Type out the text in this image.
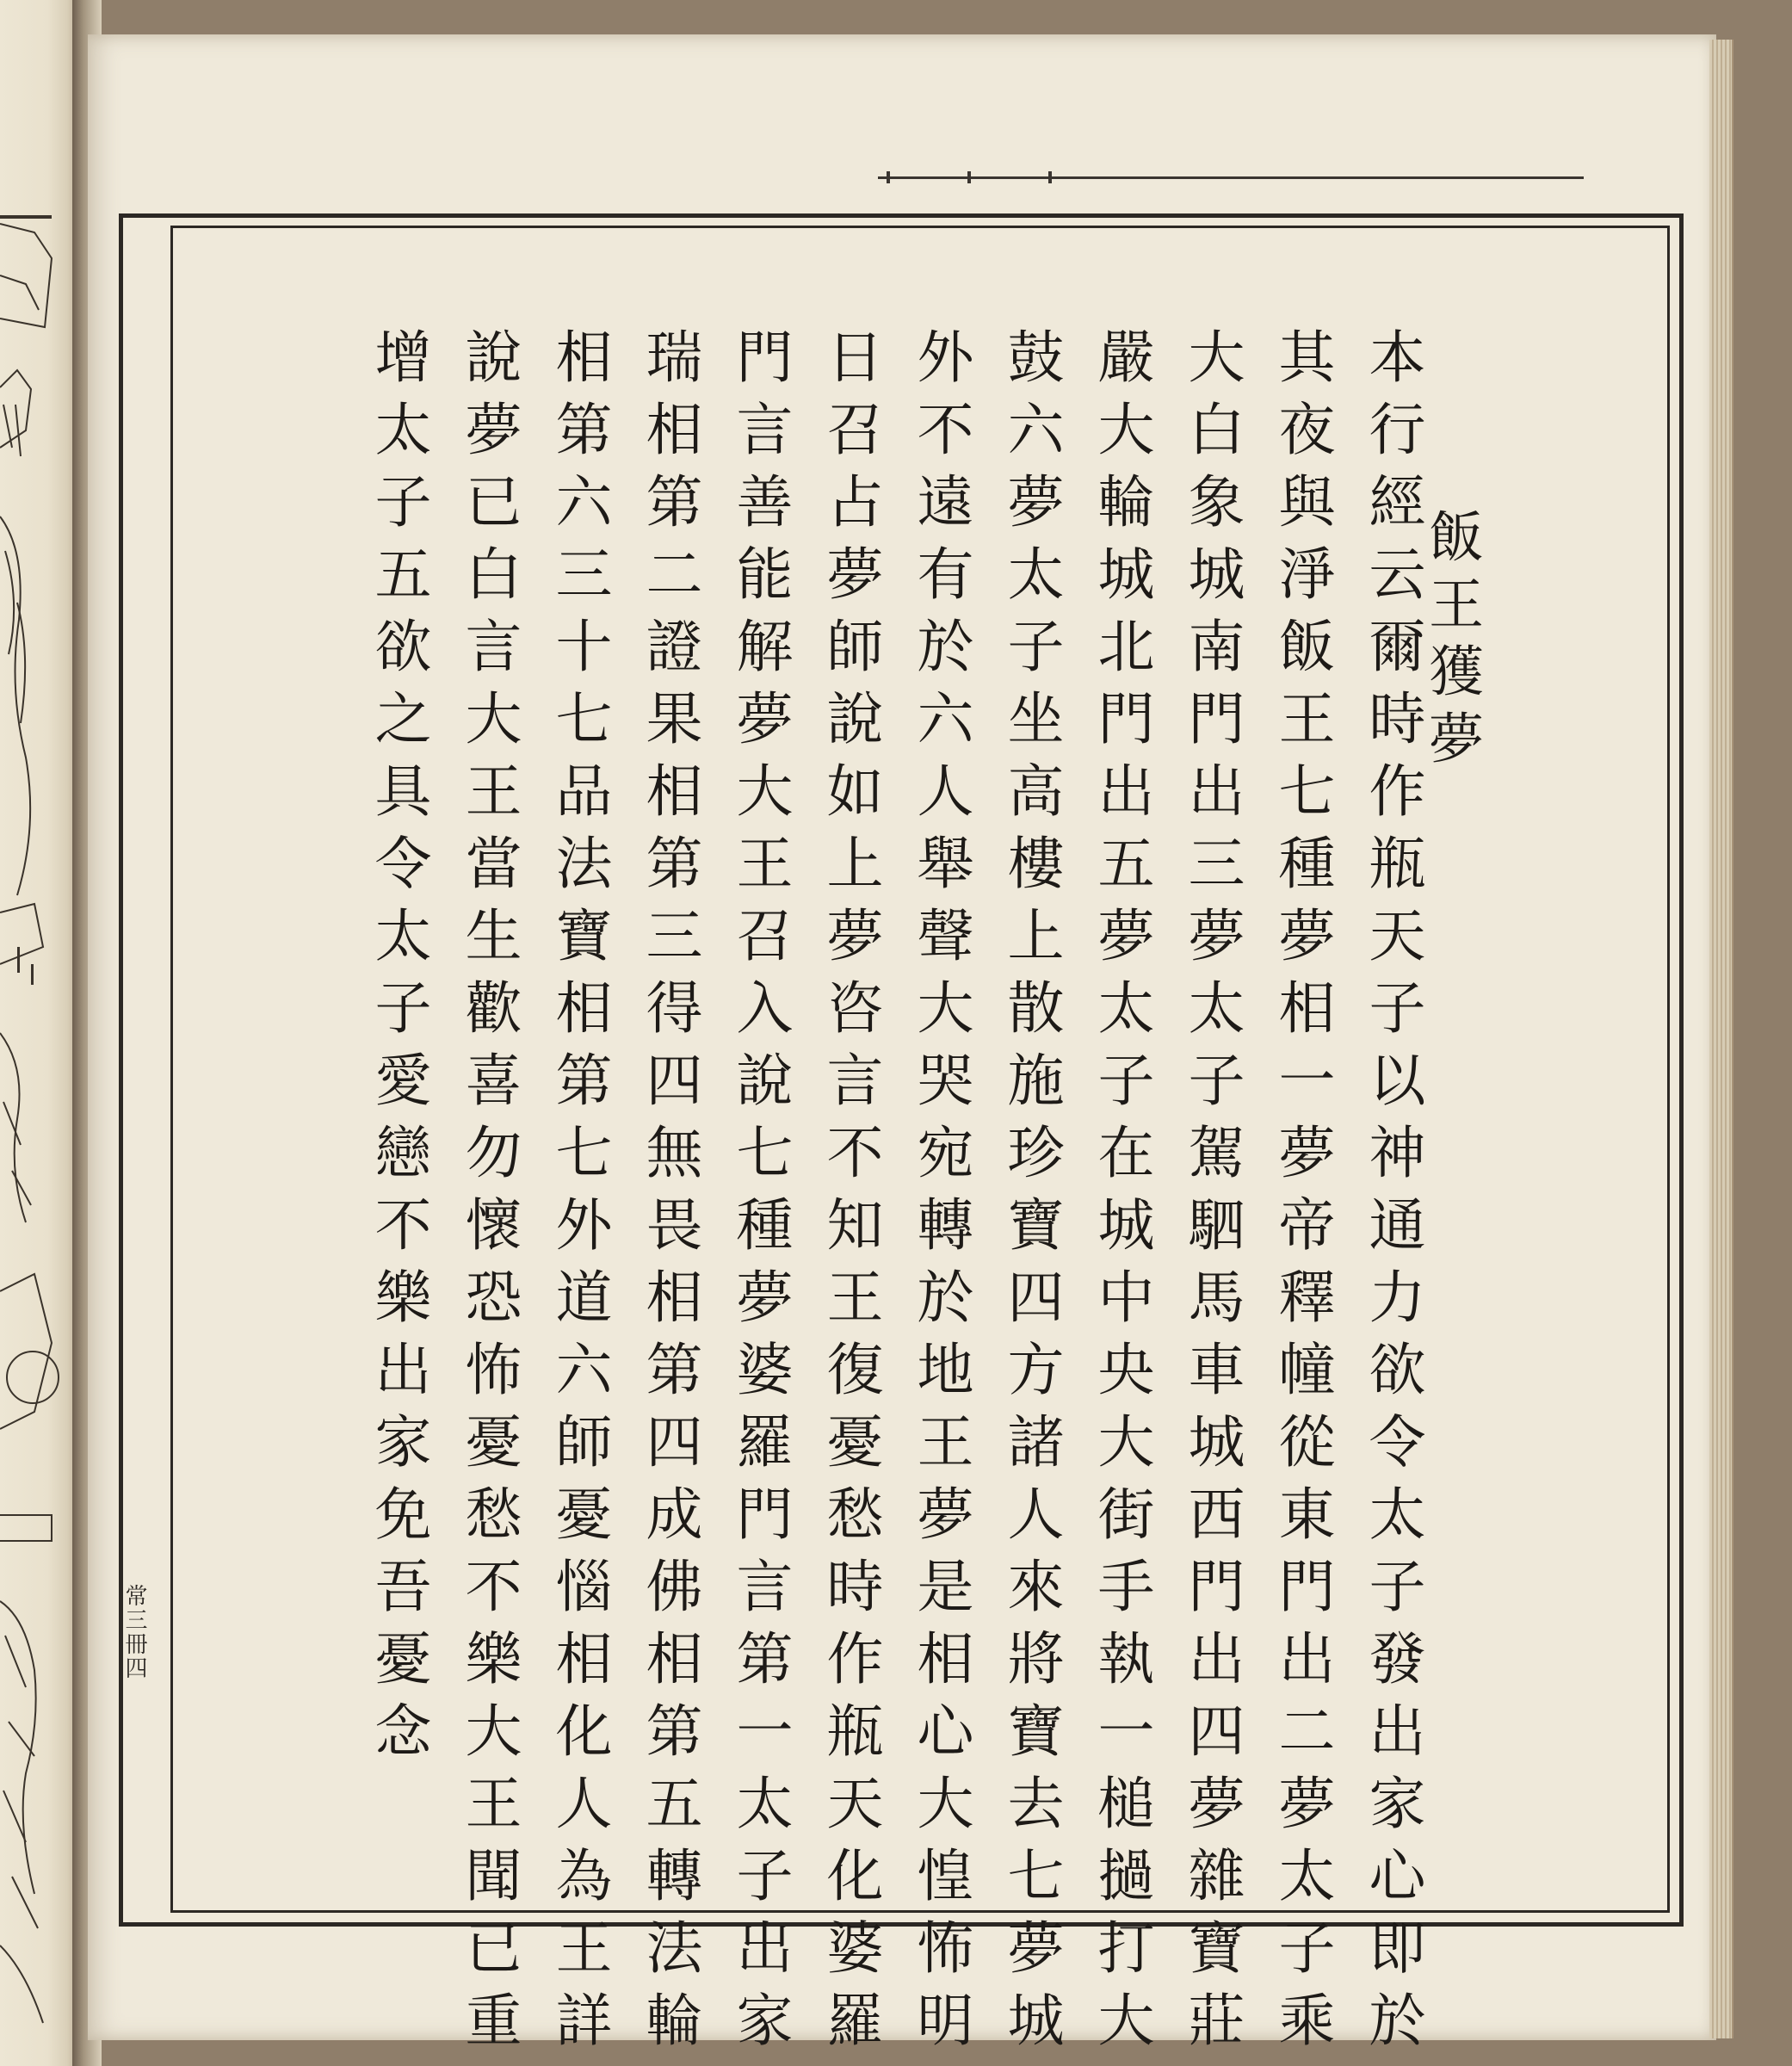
飯王獲夢

本行經云爾時作瓶天子以神通力欲令太子發出家心即於

其夜與淨飯王七種夢相一夢帝釋幢從東門出二夢太子乘

大白象城南門出三夢太子駕駟馬車城西門出四夢雜寶莊

嚴大輪城北門出五夢太子在城中央大街手執一槌撾打大

鼓六夢太子坐高樓上散施珍寶四方諸人來將寶去七夢城

外不遠有於六人舉聲大哭宛轉於地王夢是相心大惶怖明

日召占夢師說如上夢咨言不知王復憂愁時作瓶天化婆羅

門言善能解夢大王召入說七種夢婆羅門言第一太子出家

瑞相第二證果相第三得四無畏相第四成佛相第五轉法輪

相第六三十七品法寶相第七外道六師憂惱相化人為王詳

說夢已白言大王當生歡喜勿懷恐怖憂愁不樂大王聞已重

增太子五欲之具令太子愛戀不樂出家免吾憂念

常三冊四
